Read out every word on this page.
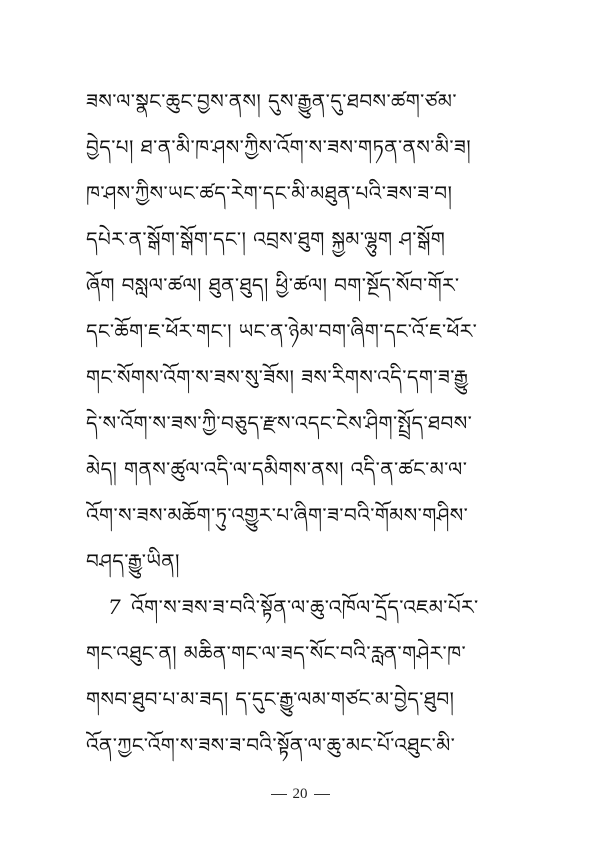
ཟས་ལ་སྣང་ཆུང་བྱས་ནས། དུས་རྒྱུན་དུ་ཐབས་ཚག་ཙམ་

བྱེད་པ། ཐ་ན་མི་ཁ་ཤས་ཀྱིས་འོག་ས་ཟས་གཏན་ནས་མི་ཟ།

ཁ་ཤས་ཀྱིས་ཡང་ཚད་རེག་དང་མི་མཐུན་པའི་ཟས་ཟ་བ།

དཔེར་ན་སྒོག་སྒོག་དང་། འབྲས་ཐུག སྐྱམ་ལྷུག ཤ་སྒོག

ཞོག བསླལ་ཚལ། ཐུན་ཐུད། ཕྱི་ཚལ། བག་སྔོད་སོབ་གོར་

དང་ཆོག་ཇ་ཕོར་གང་། ཡང་ན་ཉེམ་བག་ཞིག་དང་འོ་ཇ་ཕོར་

གང་སོགས་འོག་ས་ཟས་སུ་ཟོས། ཟས་རིགས་འདི་དག་ཟ་རྒྱུ

དེ་ས་འོག་ས་ཟས་ཀྱི་བཅུད་རྫས་འདང་ངེས་ཤིག་སྤྲོད་ཐབས་

མེད། གནས་ཚུལ་འདི་ལ་དམིགས་ནས། འདི་ན་ཚང་མ་ལ་

འོག་ས་ཟས་མཆོག་ཏུ་འགྱུར་པ་ཞིག་ཟ་བའི་གོམས་གཤིས་

བཤད་རྒྱུ་ཡིན།

7 འོག་ས་ཟས་ཟ་བའི་སྟོན་ལ་ཆུ་འཁོལ་དྲོད་འཇམ་པོར་

གང་འཐུང་ན། མཆིན་གང་ལ་ཟད་སོང་བའི་རླན་གཤེར་ཁ་

གསབ་ཐུབ་པ་མ་ཟད། ད་དུང་རྒྱུ་ལམ་གཙང་མ་བྱེད་ཐུབ།

འོན་ཀྱང་འོག་ས་ཟས་ཟ་བའི་སྟོན་ལ་ཆུ་མང་པོ་འཐུང་མི་

20
